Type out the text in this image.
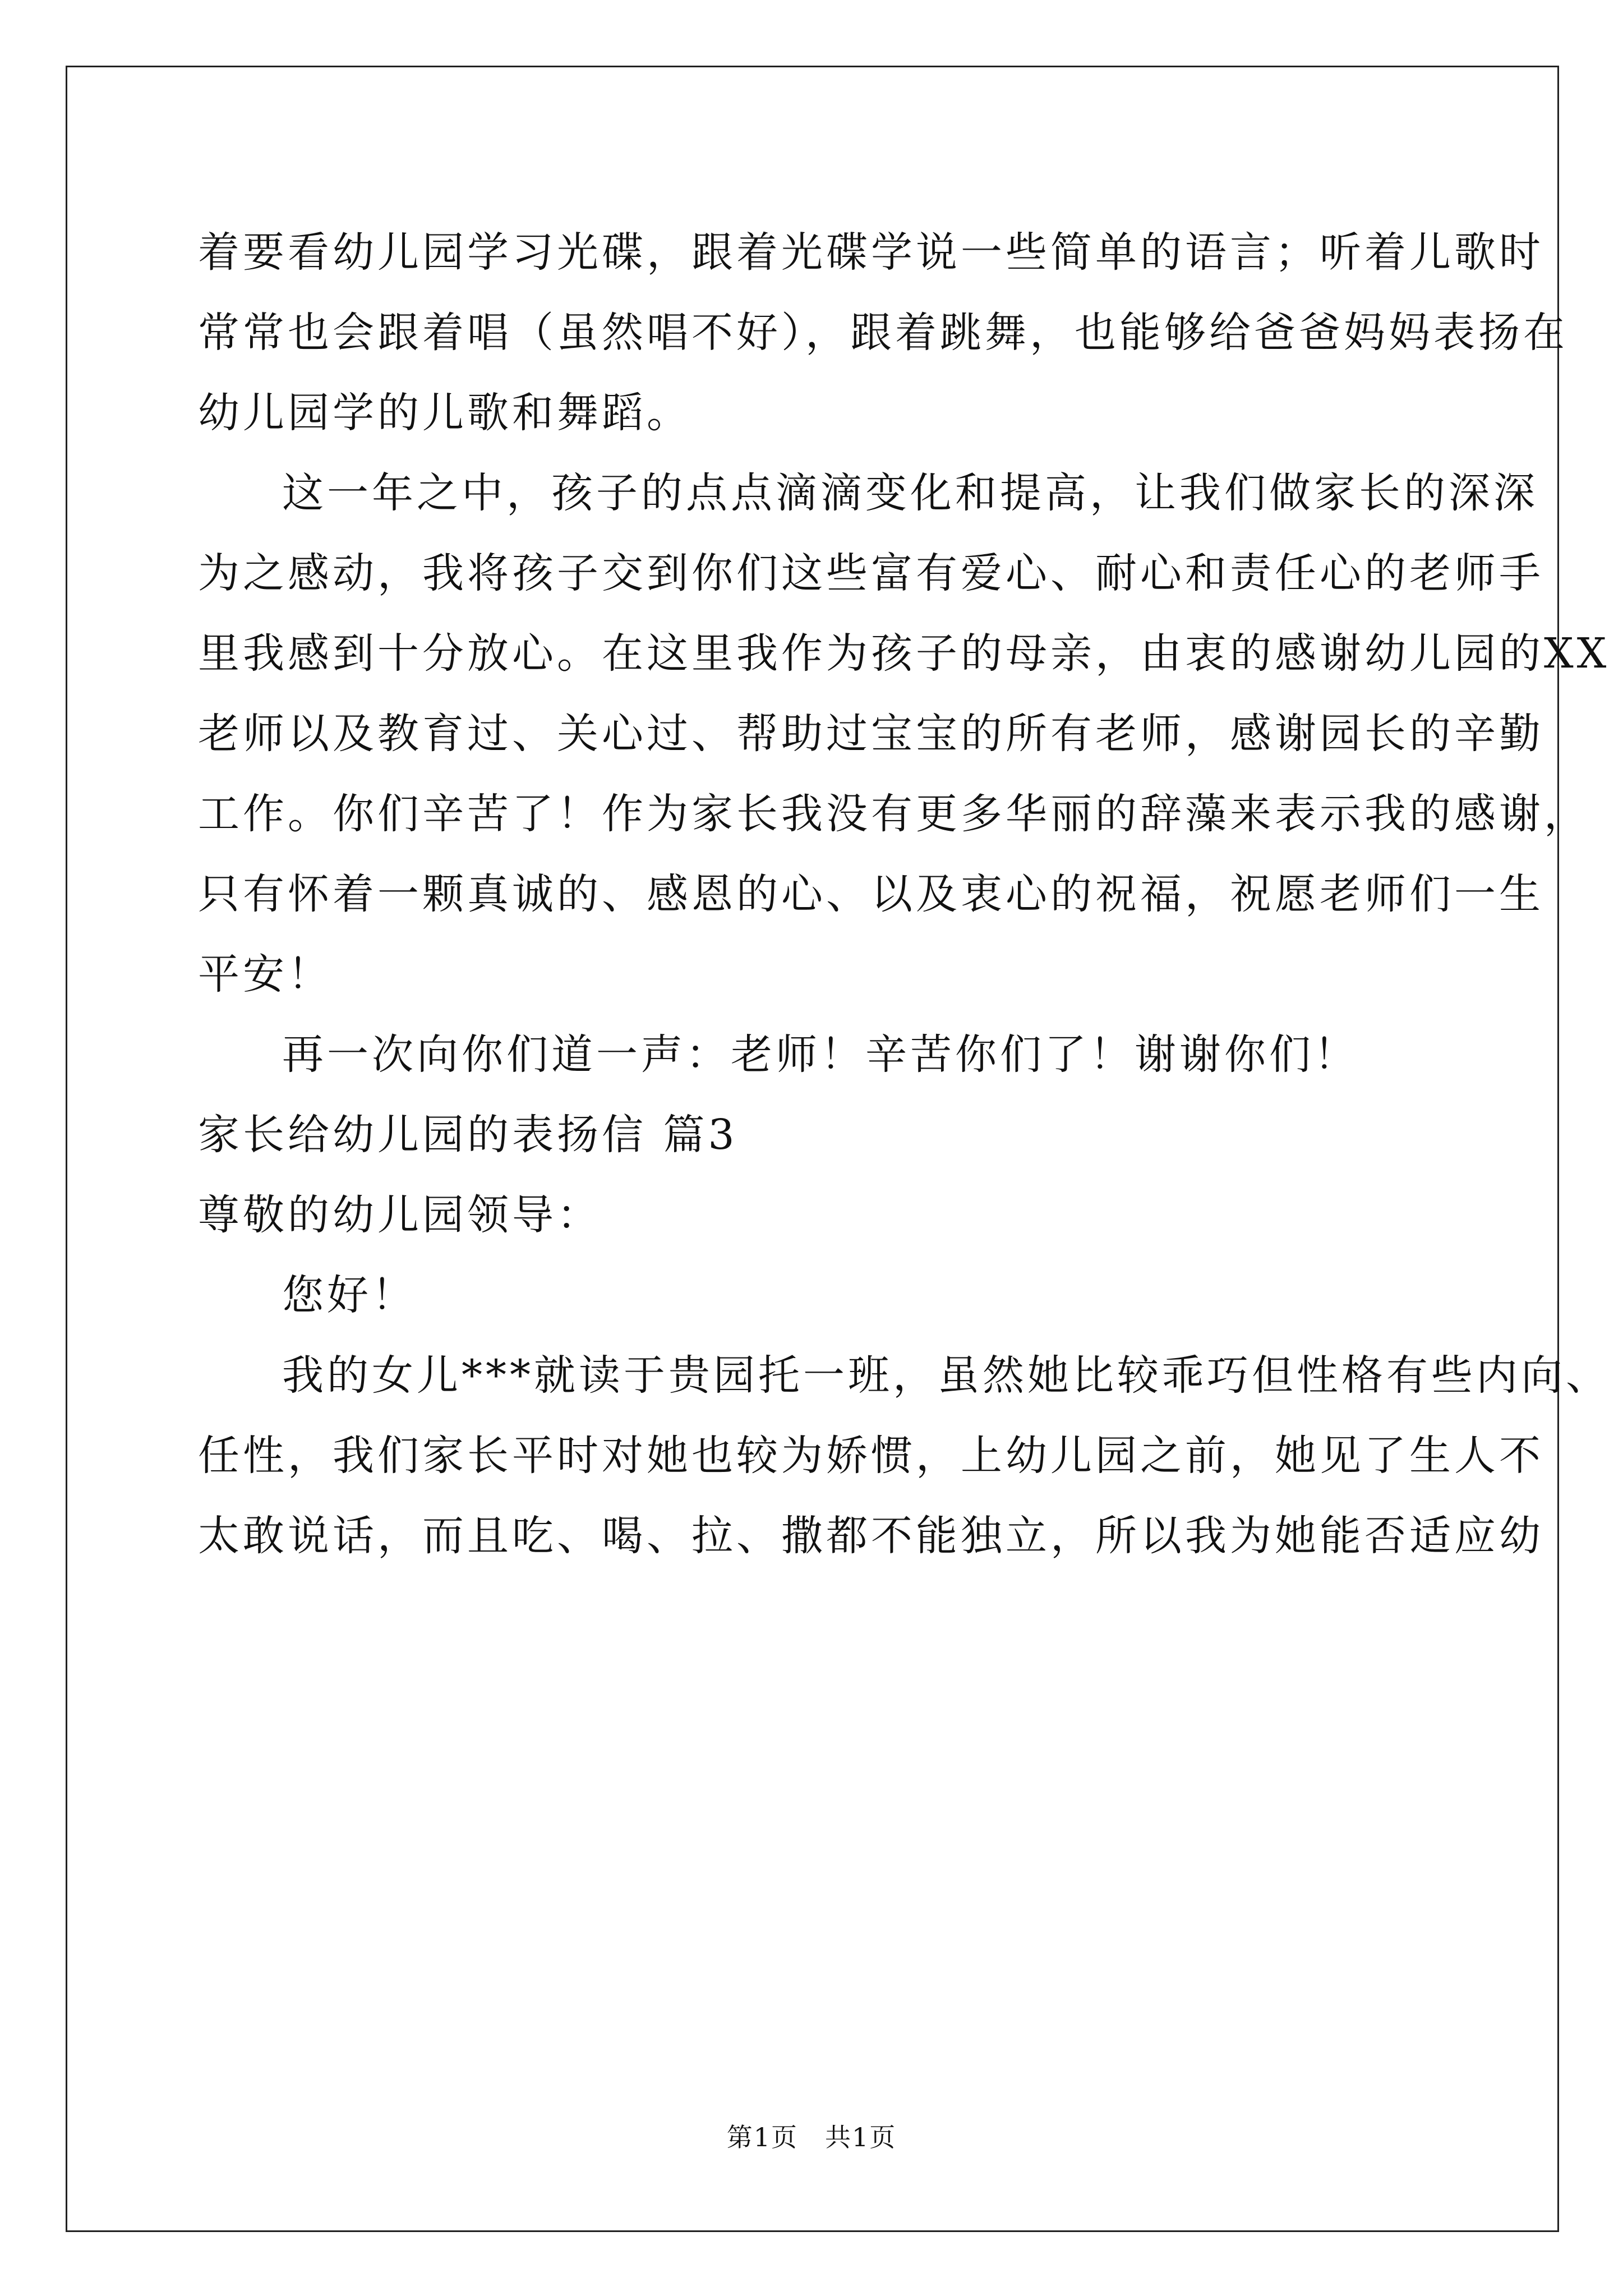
着要看幼儿园学习光碟，跟着光碟学说一些简单的语言；听着儿歌时
常常也会跟着唱（虽然唱不好），跟着跳舞，也能够给爸爸妈妈表扬在
幼儿园学的儿歌和舞蹈。
这一年之中，孩子的点点滴滴变化和提高，让我们做家长的深深
为之感动，我将孩子交到你们这些富有爱心、耐心和责任心的老师手
里我感到十分放心。在这里我作为孩子的母亲，由衷的感谢幼儿园的XX
老师以及教育过、关心过、帮助过宝宝的所有老师，感谢园长的辛勤
工作。你们辛苦了！作为家长我没有更多华丽的辞藻来表示我的感谢，
只有怀着一颗真诚的、感恩的心、以及衷心的祝福，祝愿老师们一生
平安！
再一次向你们道一声：老师！辛苦你们了！谢谢你们！
家长给幼儿园的表扬信 篇3
尊敬的幼儿园领导：
您好！
我的女儿***就读于贵园托一班，虽然她比较乖巧但性格有些内向、
任性，我们家长平时对她也较为娇惯，上幼儿园之前，她见了生人不
太敢说话，而且吃、喝、拉、撒都不能独立，所以我为她能否适应幼
第1页　共1页
